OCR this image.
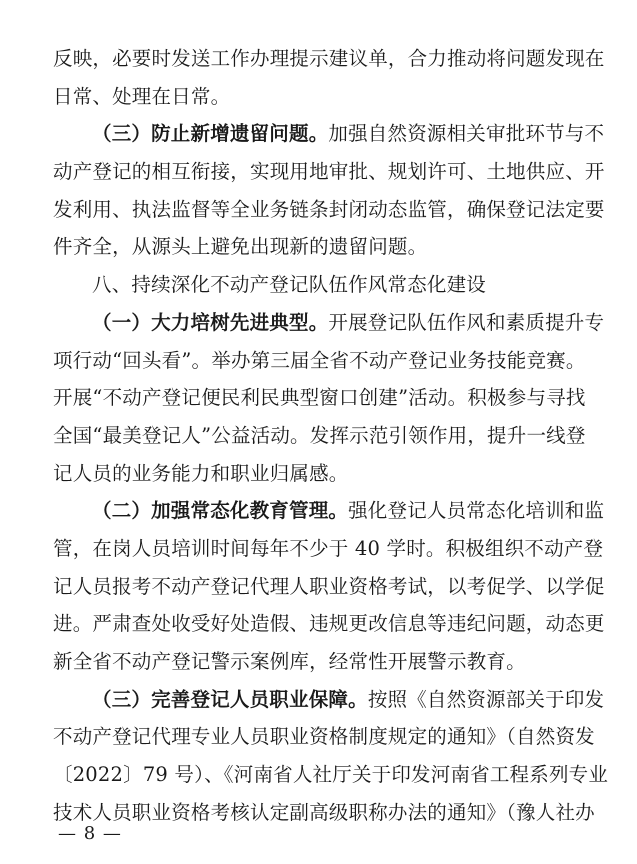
反映，必要时发送工作办理提示建议单，合力推动将问题发现在
日常、处理在日常。
（三）防止新增遗留问题。加强自然资源相关审批环节与不
动产登记的相互衔接，实现用地审批、规划许可、土地供应、开
发利用、执法监督等全业务链条封闭动态监管，确保登记法定要
件齐全，从源头上避免出现新的遗留问题。
八、持续深化不动产登记队伍作风常态化建设
（一）大力培树先进典型。开展登记队伍作风和素质提升专
项行动“回头看”。举办第三届全省不动产登记业务技能竞赛。
开展“不动产登记便民利民典型窗口创建”活动。积极参与寻找
全国“最美登记人”公益活动。发挥示范引领作用，提升一线登
记人员的业务能力和职业归属感。
（二）加强常态化教育管理。强化登记人员常态化培训和监
管，在岗人员培训时间每年不少于 40 学时。积极组织不动产登
记人员报考不动产登记代理人职业资格考试，以考促学、以学促
进。严肃查处收受好处造假、违规更改信息等违纪问题，动态更
新全省不动产登记警示案例库，经常性开展警示教育。
（三）完善登记人员职业保障。按照《自然资源部关于印发
不动产登记代理专业人员职业资格制度规定的通知》（自然资发
〔2022〕79 号）、《河南省人社厅关于印发河南省工程系列专业
技术人员职业资格考核认定副高级职称办法的通知》（豫人社办
— 8 —
